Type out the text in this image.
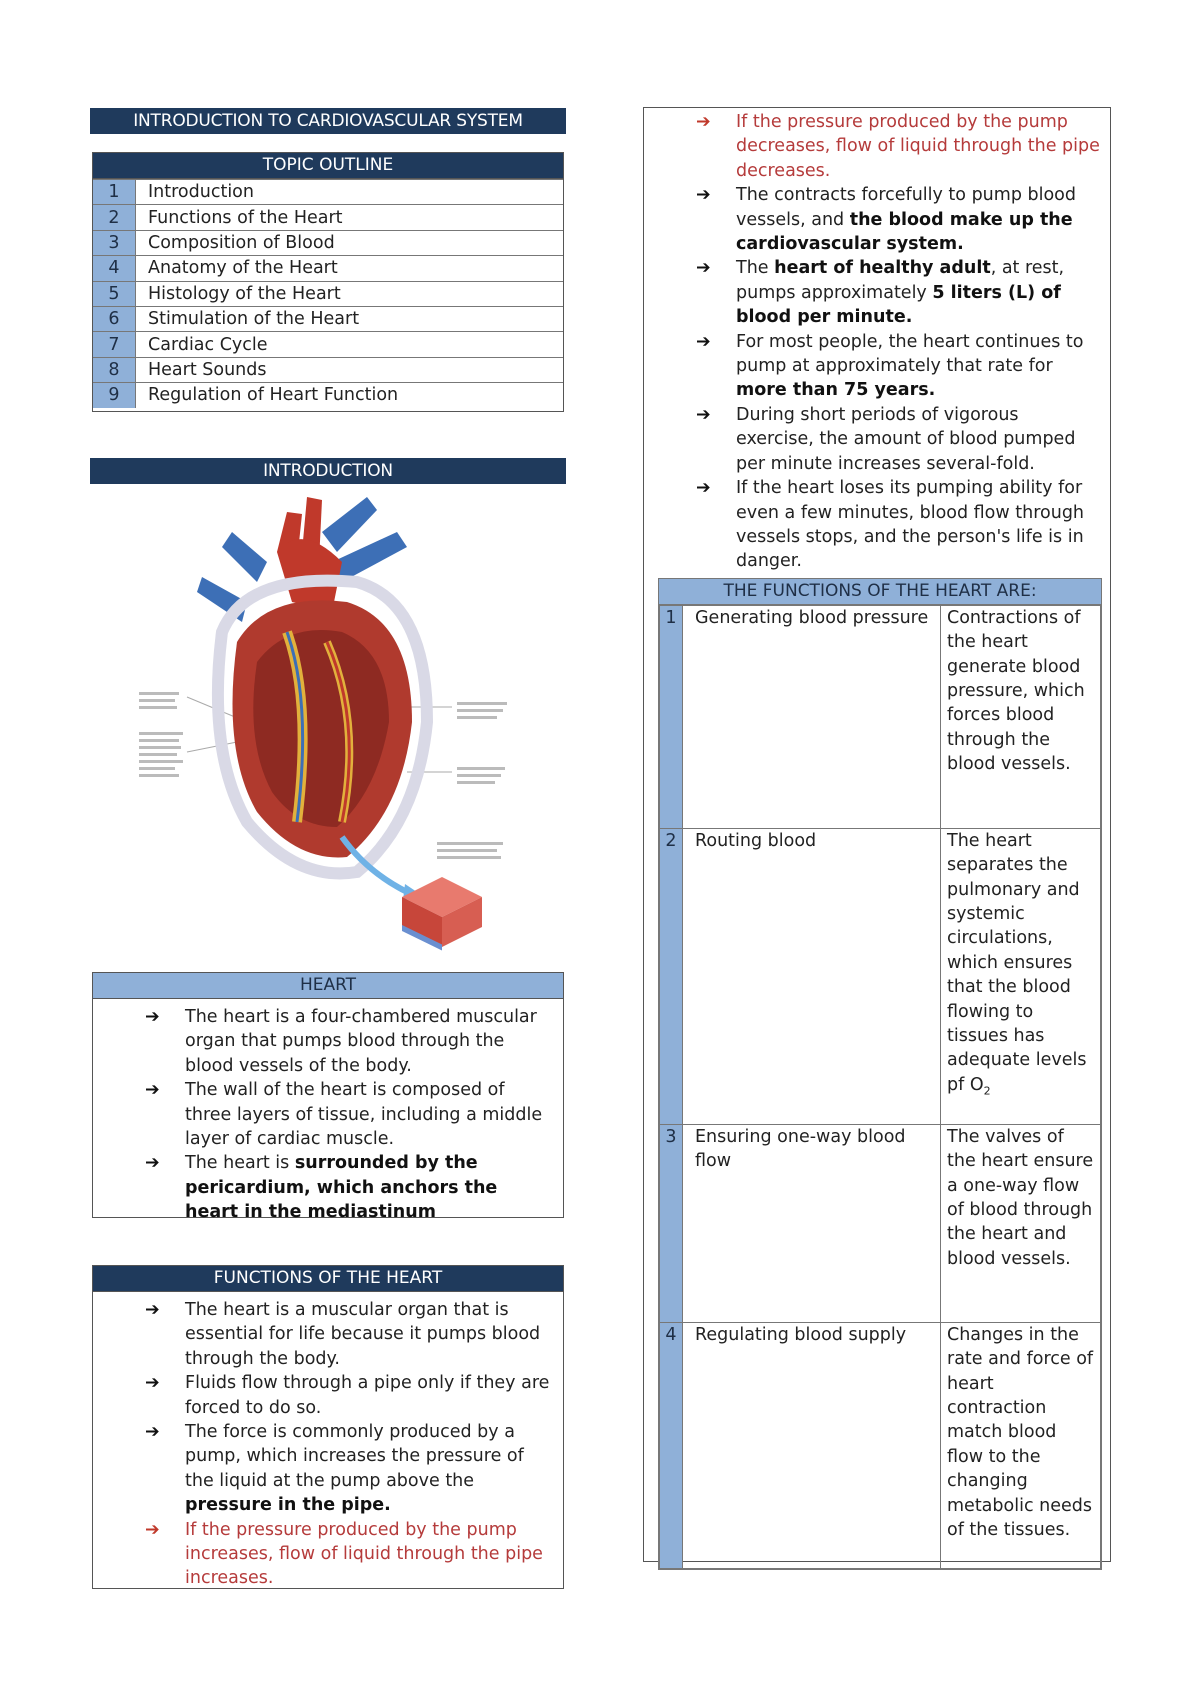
INTRODUCTION TO CARDIOVASCULAR SYSTEM
TOPIC OUTLINE
1	Introduction
2	Functions of the Heart
3	Composition of Blood
4	Anatomy of the Heart
5	Histology of the Heart
6	Stimulation of the Heart
7	Cardiac Cycle
8	Heart Sounds
9	Regulation of Heart Function
INTRODUCTION
HEART
➔ The heart is a four-chambered muscular organ that pumps blood through the blood vessels of the body.
➔ The wall of the heart is composed of three layers of tissue, including a middle layer of cardiac muscle.
➔ The heart is surrounded by the pericardium, which anchors the heart in the mediastinum
FUNCTIONS OF THE HEART
➔ The heart is a muscular organ that is essential for life because it pumps blood through the body.
➔ Fluids flow through a pipe only if they are forced to do so.
➔ The force is commonly produced by a pump, which increases the pressure of the liquid at the pump above the pressure in the pipe.
➔ If the pressure produced by the pump increases, flow of liquid through the pipe increases.
➔ If the pressure produced by the pump decreases, flow of liquid through the pipe decreases.
➔ The contracts forcefully to pump blood vessels, and the blood make up the cardiovascular system.
➔ The heart of healthy adult, at rest, pumps approximately 5 liters (L) of blood per minute.
➔ For most people, the heart continues to pump at approximately that rate for more than 75 years.
➔ During short periods of vigorous exercise, the amount of blood pumped per minute increases several-fold.
➔ If the heart loses its pumping ability for even a few minutes, blood flow through vessels stops, and the person's life is in danger.
THE FUNCTIONS OF THE HEART ARE:
1	Generating blood pressure	Contractions of the heart generate blood pressure, which forces blood through the blood vessels.
2	Routing blood	The heart separates the pulmonary and systemic circulations, which ensures that the blood flowing to tissues has adequate levels pf $O_2$
3	Ensuring one-way blood flow	The valves of the heart ensure a one-way flow of blood through the heart and blood vessels.
4	Regulating blood supply	Changes in the rate and force of heart contraction match blood flow to the changing metabolic needs of the tissues.
